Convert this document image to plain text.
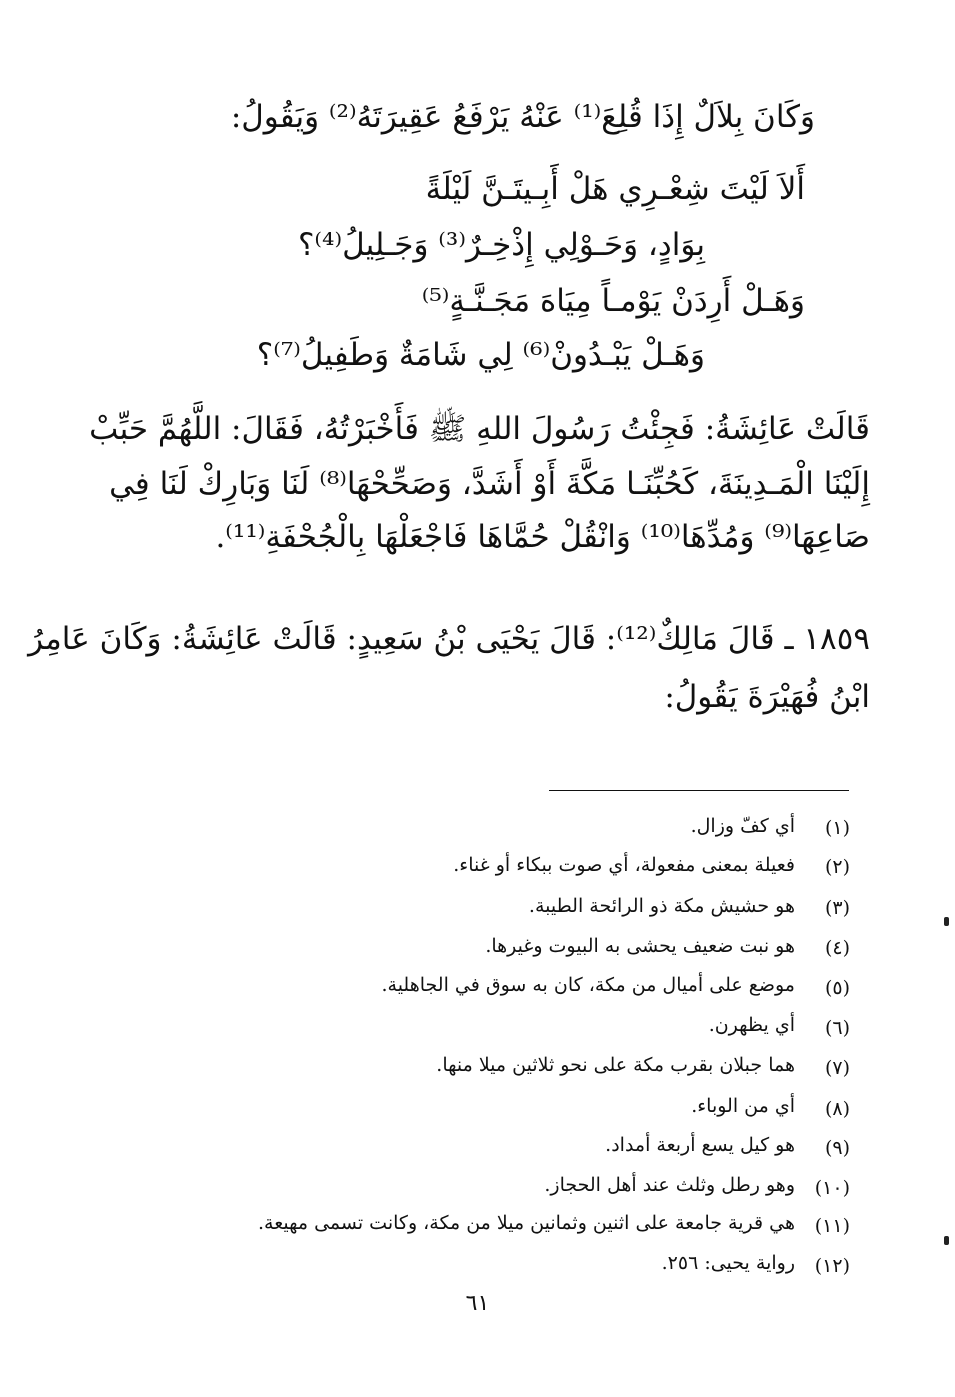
وَكَانَ بِلاَلٌ إِذَا قُلِعَ⁽¹⁾ عَنْهُ يَرْفَعُ عَقِيرَتَهُ⁽²⁾ وَيَقُولُ:
أَلاَ لَيْتَ شِعْـرِي هَلْ أَبِـيتَـنَّ لَيْلَةً
بِوَادٍ، وَحَـوْلِي إِذْخِـرٌ⁽³⁾ وَجَـلِيلُ⁽⁴⁾؟
وَهَـلْ أَرِدَنْ يَوْمـاً مِيَاهَ مَجَـنَّـةٍ⁽⁵⁾
وَهَـلْ يَبْـدُونْ⁽⁶⁾ لِي شَامَةٌ وَطَفِيلُ⁽⁷⁾؟
قَالَتْ عَائِشَةُ: فَجِئْتُ رَسُولَ اللهِ ﷺ فَأَخْبَرْتُهُ، فَقَالَ: اللَّهُمَّ حَبِّبْ
إِلَيْنَا الْمَـدِينَةَ، كَحُبِّنَـا مَكَّةَ أَوْ أَشَدَّ، وَصَحِّحْهَا⁽⁸⁾ لَنَا وَبَارِكْ لَنَا فِي
صَاعِهَا⁽⁹⁾ وَمُدِّهَا⁽¹⁰⁾ وَانْقُلْ حُمَّاهَا فَاجْعَلْهَا بِالْجُحْفَةِ⁽¹¹⁾.
١٨٥٩ ـ قَالَ مَالِكٌ⁽¹²⁾: قَالَ يَحْيَى بْنُ سَعِيدٍ: قَالَتْ عَائِشَةُ: وَكَانَ عَامِرُ
ابْنُ فُهَيْرَةَ يَقُولُ:
(١)
أي كفّ وزال.
(٢)
فعيلة بمعنى مفعولة، أي صوت ببكاء أو غناء.
(٣)
هو حشيش مكة ذو الرائحة الطيبة.
(٤)
هو نبت ضعيف يحشى به البيوت وغيرها.
(٥)
موضع على أميال من مكة، كان به سوق في الجاهلية.
(٦)
أي يظهرن.
(٧)
هما جبلان بقرب مكة على نحو ثلاثين ميلا منها.
(٨)
أي من الوباء.
(٩)
هو كيل يسع أربعة أمداد.
(١٠)
وهو رطل وثلث عند أهل الحجاز.
(١١)
هي قرية جامعة على اثنين وثمانين ميلا من مكة، وكانت تسمى مهيعة.
(١٢)
رواية يحيى: ٢٥٦.
٦١
